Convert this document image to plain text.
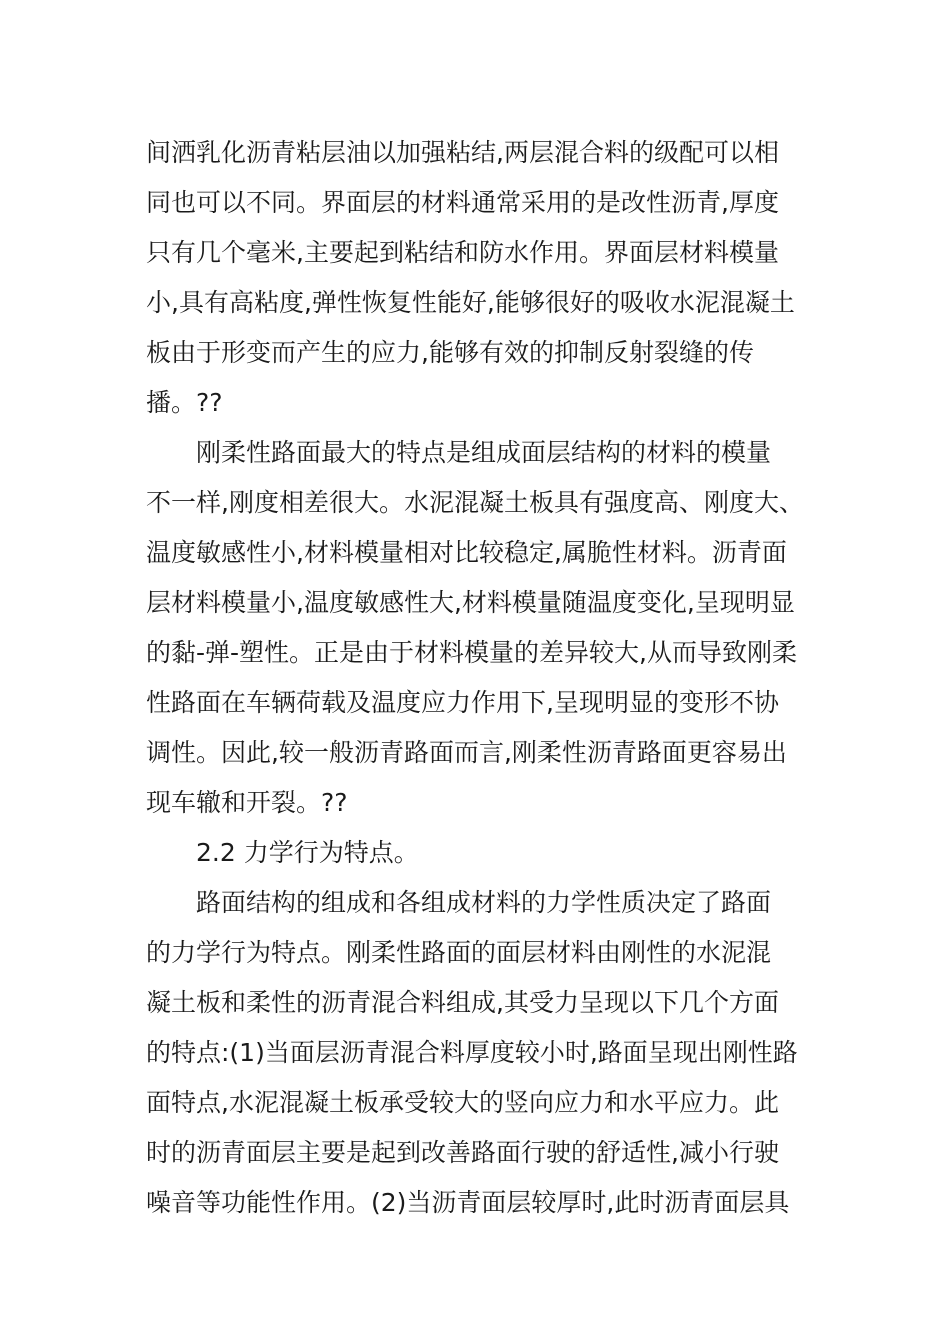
间洒乳化沥青粘层油以加强粘结,两层混合料的级配可以相
同也可以不同。界面层的材料通常采用的是改性沥青,厚度
只有几个毫米,主要起到粘结和防水作用。界面层材料模量
小,具有高粘度,弹性恢复性能好,能够很好的吸收水泥混凝土
板由于形变而产生的应力,能够有效的抑制反射裂缝的传
播。??
刚柔性路面最大的特点是组成面层结构的材料的模量
不一样,刚度相差很大。水泥混凝土板具有强度高、刚度大、
温度敏感性小,材料模量相对比较稳定,属脆性材料。沥青面
层材料模量小,温度敏感性大,材料模量随温度变化,呈现明显
的黏-弹-塑性。正是由于材料模量的差异较大,从而导致刚柔
性路面在车辆荷载及温度应力作用下,呈现明显的变形不协
调性。因此,较一般沥青路面而言,刚柔性沥青路面更容易出
现车辙和开裂。??
2.2 力学行为特点。
路面结构的组成和各组成材料的力学性质决定了路面
的力学行为特点。刚柔性路面的面层材料由刚性的水泥混
凝土板和柔性的沥青混合料组成,其受力呈现以下几个方面
的特点:(1)当面层沥青混合料厚度较小时,路面呈现出刚性路
面特点,水泥混凝土板承受较大的竖向应力和水平应力。此
时的沥青面层主要是起到改善路面行驶的舒适性,减小行驶
噪音等功能性作用。(2)当沥青面层较厚时,此时沥青面层具
